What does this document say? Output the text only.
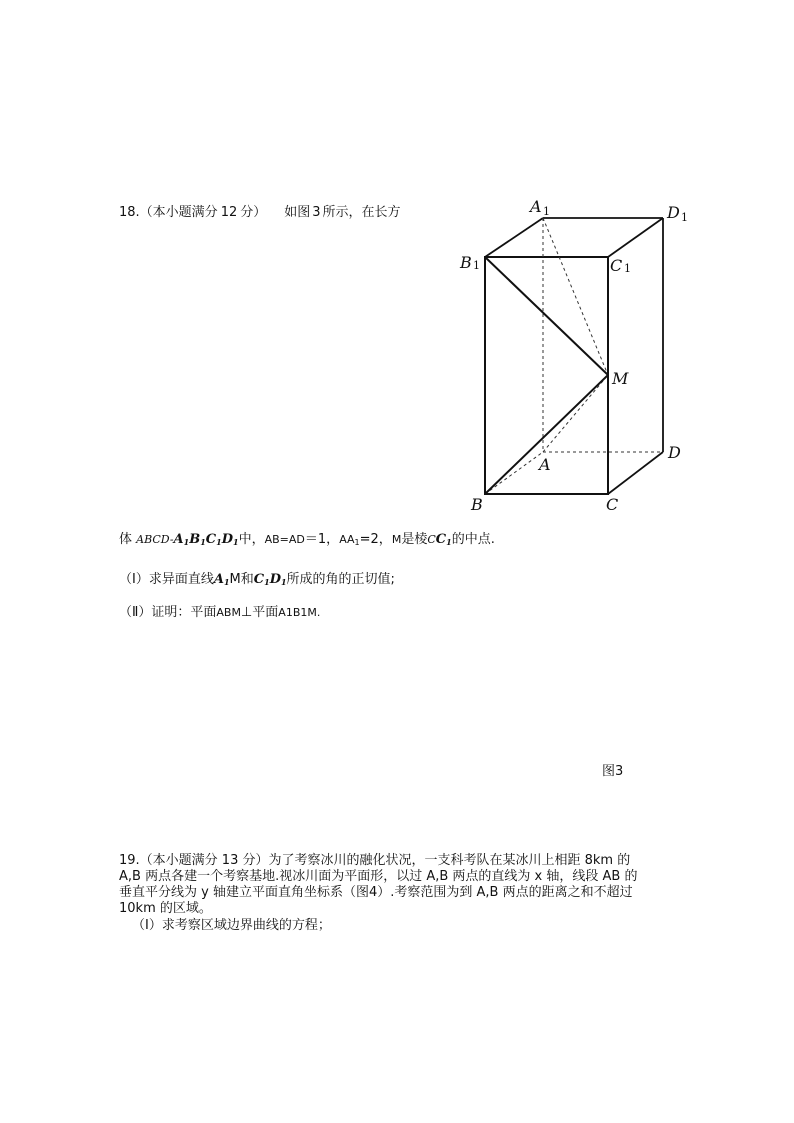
18.（本小题满分 12 分） 如图 3 所示，在长方	A 1	D 1
B 1	C 1
M
A
D
B	C
体 ABCD-$A_1B_1C_1D_1$中，AB=AD＝1，$AA_1=2$，M是棱$CC_1$的中点.
（Ⅰ）求异面直线$A_1M$和$C_1D_1$所成的角的正切值;
（Ⅱ）证明：平面ABM⊥平面A1B1M.
图3
19.（本小题满分 13 分）为了考察冰川的融化状况，一支科考队在某冰川上相距 8km 的
A,B 两点各建一个考察基地.视冰川面为平面形，以过 A,B 两点的直线为 x 轴，线段 AB 的
垂直平分线为 y 轴建立平面直角坐标系（图4）.考察范围为到 A,B 两点的距离之和不超过
10km 的区域。
（Ⅰ）求考察区域边界曲线的方程；
